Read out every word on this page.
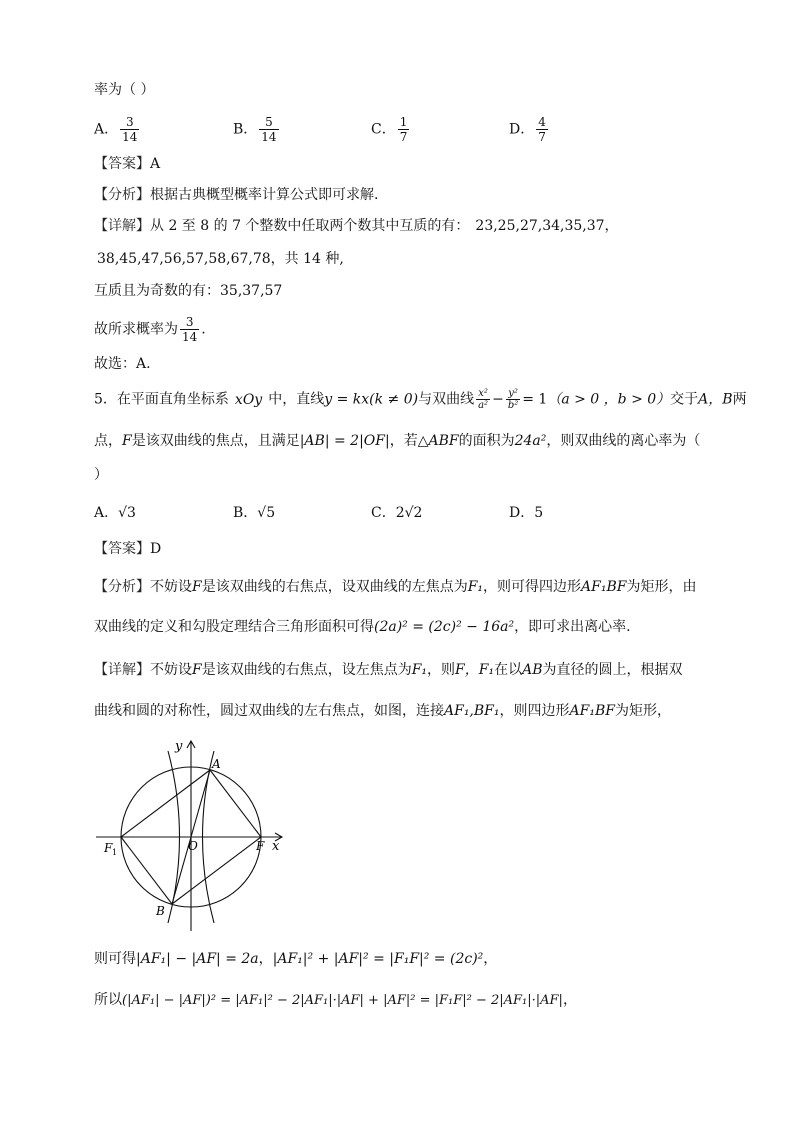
率为（ ）
A． $\frac{3}{14}$	B． $\frac{5}{14}$	C． $\frac{1}{7}$	D． $\frac{4}{7}$
【答案】A
【分析】根据古典概型概率计算公式即可求解.
【详解】从 2 至 8 的 7 个整数中任取两个数其中互质的有： 23,25,27,34,35,37，
38,45,47,56,57,58,67,78，共 14 种,
互质且为奇数的有：35,37,57
故所求概率为 $\frac{3}{14}$ .
故选：A.
5．在平面直角坐标系 xOy 中，直线y = kx(k ≠ 0)与双曲线 $\frac{\text{x²}}{\text{a²}} - \frac{\text{y²}}{\text{b²}} = 1(a > 0$ ，b > 0）交于A，B两
点，F是该双曲线的焦点，且满足|AB| = 2|OF|，若△ABF的面积为24a²，则双曲线的离心率为（
）
A．√3	B．√5	C．2√2	D．5
【答案】D
【分析】不妨设F是该双曲线的右焦点，设双曲线的左焦点为F₁，则可得四边形AF₁BF为矩形，由
双曲线的定义和勾股定理结合三角形面积可得(2a)² = (2c)² − 16a²，即可求出离心率.
【详解】不妨设F是该双曲线的右焦点，设左焦点为F₁，则F，F₁在以AB为直径的圆上，根据双
曲线和圆的对称性，圆过双曲线的左右焦点，如图，连接AF₁,BF₁，则四边形AF₁BF为矩形，
y
A
O	F x
F 1
B
则可得|AF₁| − |AF| = 2a，|AF₁|² + |AF|² = |F₁F|² = (2c)²，
所以(|AF₁| − |AF|)² = |AF₁|² − 2|AF₁|·|AF| + |AF|² = |F₁F|² − 2|AF₁|·|AF|，
